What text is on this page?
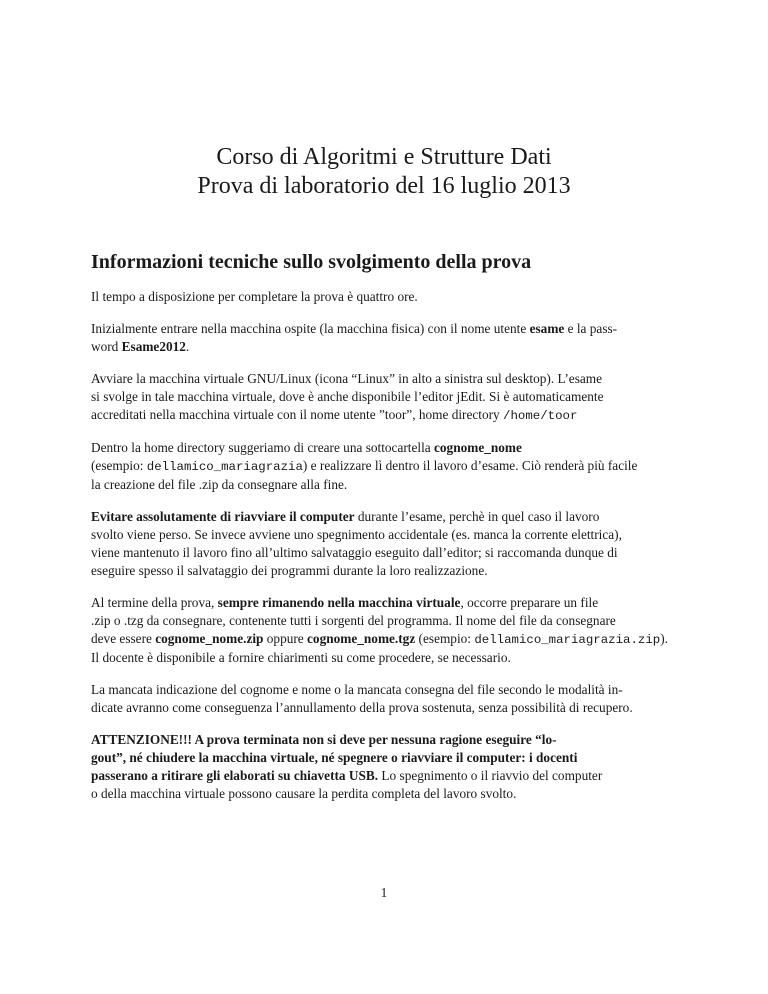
Corso di Algoritmi e Strutture Dati
Prova di laboratorio del 16 luglio 2013
Informazioni tecniche sullo svolgimento della prova

Il tempo a disposizione per completare la prova è quattro ore.

Inizialmente entrare nella macchina ospite (la macchina fisica) con il nome utente esame e la pass-
word Esame2012.

Avviare la macchina virtuale GNU/Linux (icona “Linux” in alto a sinistra sul desktop). L’esame
si svolge in tale macchina virtuale, dove è anche disponibile l’editor jEdit. Si è automaticamente
accreditati nella macchina virtuale con il nome utente ”toor”, home directory /home/toor

Dentro la home directory suggeriamo di creare una sottocartella cognome_nome
(esempio: dellamico_mariagrazia) e realizzare lì dentro il lavoro d’esame. Ciò renderà più facile
la creazione del file .zip da consegnare alla fine.

Evitare assolutamente di riavviare il computer durante l’esame, perchè in quel caso il lavoro
svolto viene perso. Se invece avviene uno spegnimento accidentale (es. manca la corrente elettrica),
viene mantenuto il lavoro fino all’ultimo salvataggio eseguito dall’editor; si raccomanda dunque di
eseguire spesso il salvataggio dei programmi durante la loro realizzazione.

Al termine della prova, sempre rimanendo nella macchina virtuale, occorre preparare un file
.zip o .tzg da consegnare, contenente tutti i sorgenti del programma. Il nome del file da consegnare
deve essere cognome_nome.zip oppure cognome_nome.tgz (esempio: dellamico_mariagrazia.zip).
Il docente è disponibile a fornire chiarimenti su come procedere, se necessario.

La mancata indicazione del cognome e nome o la mancata consegna del file secondo le modalità in-
dicate avranno come conseguenza l’annullamento della prova sostenuta, senza possibilità di recupero.

ATTENZIONE!!! A prova terminata non si deve per nessuna ragione eseguire “lo-
gout”, né chiudere la macchina virtuale, né spegnere o riavviare il computer: i docenti
passerano a ritirare gli elaborati su chiavetta USB. Lo spegnimento o il riavvio del computer
o della macchina virtuale possono causare la perdita completa del lavoro svolto.

1
